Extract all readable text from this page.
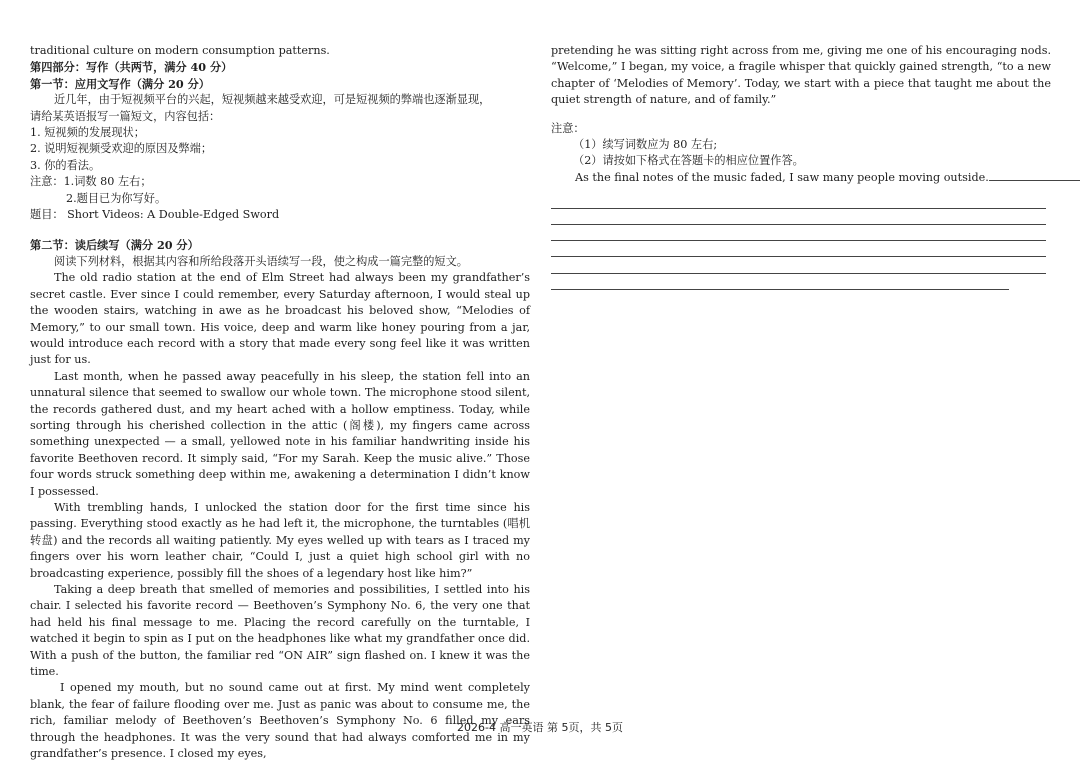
traditional culture on modern consumption patterns.
第四部分：写作（共两节，满分 40 分）
第一节：应用文写作（满分 20 分）
近几年，由于短视频平台的兴起，短视频越来越受欢迎，可是短视频的弊端也逐渐显现，
请给某英语报写一篇短文，内容包括：
1. 短视频的发展现状；
2. 说明短视频受欢迎的原因及弊端；
3. 你的看法。
注意：1.词数 80 左右；
2.题目已为你写好。
题目： Short Videos: A Double-Edged Sword
第二节：读后续写（满分 20 分）
阅读下列材料，根据其内容和所给段落开头语续写一段，使之构成一篇完整的短文。
The old radio station at the end of Elm Street had always been my grandfather’s secret castle. Ever since I could remember, every Saturday afternoon, I would steal up the wooden stairs, watching in awe as he broadcast his beloved show, “Melodies of Memory,” to our small town. His voice, deep and warm like honey pouring from a jar, would introduce each record with a story that made every song feel like it was written just for us.
Last month, when he passed away peacefully in his sleep, the station fell into an unnatural silence that seemed to swallow our whole town. The microphone stood silent, the records gathered dust, and my heart ached with a hollow emptiness. Today, while sorting through his cherished collection in the attic (阁楼), my fingers came across something unexpected — a small, yellowed note in his familiar handwriting inside his favorite Beethoven record. It simply said, “For my Sarah. Keep the music alive.” Those four words struck something deep within me, awakening a determination I didn’t know I possessed.
With trembling hands, I unlocked the station door for the first time since his passing. Everything stood exactly as he had left it, the microphone, the turntables (唱机转盘) and the records all waiting patiently. My eyes welled up with tears as I traced my fingers over his worn leather chair, “Could I, just a quiet high school girl with no broadcasting experience, possibly fill the shoes of a legendary host like him?”
Taking a deep breath that smelled of memories and possibilities, I settled into his chair. I selected his favorite record — Beethoven’s Symphony No. 6, the very one that had held his final message to me. Placing the record carefully on the turntable, I watched it begin to spin as I put on the headphones like what my grandfather once did. With a push of the button, the familiar red “ON AIR” sign flashed on. I knew it was the time.
I opened my mouth, but no sound came out at first. My mind went completely blank, the fear of failure flooding over me. Just as panic was about to consume me, the rich, familiar melody of Beethoven’s Beethoven’s Symphony No. 6 filled my ears through the headphones. It was the very sound that had always comforted me in my grandfather’s presence. I closed my eyes,
pretending he was sitting right across from me, giving me one of his encouraging nods. “Welcome,” I began, my voice, a fragile whisper that quickly gained strength, “to a new chapter of ‘Melodies of Memory’. Today, we start with a piece that taught me about the quiet strength of nature, and of family.”
注意：
（1）续写词数应为 80 左右;
（2）请按如下格式在答题卡的相应位置作答。
As the final notes of the music faded, I saw many people moving outside.
2026-4 高一英语 第 5页，共 5页
